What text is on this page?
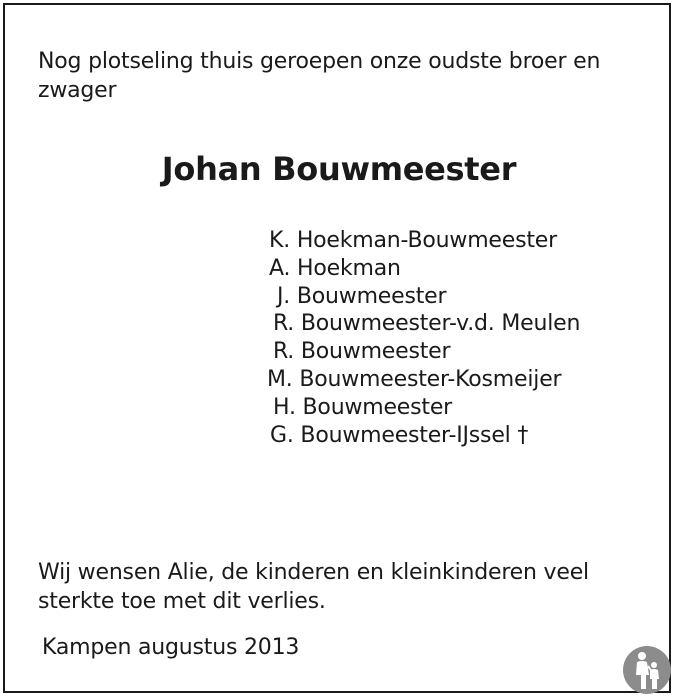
Nog plotseling thuis geroepen onze oudste broer en zwager

Johan Bouwmeester
K. Hoekman-Bouwmeester
A. Hoekman
J. Bouwmeester
R. Bouwmeester-v.d. Meulen
R. Bouwmeester
M. Bouwmeester-Kosmeijer
H. Bouwmeester
G. Bouwmeester-IJssel †

Wij wensen Alie, de kinderen en kleinkinderen veel sterkte toe met dit verlies.

Kampen augustus 2013
